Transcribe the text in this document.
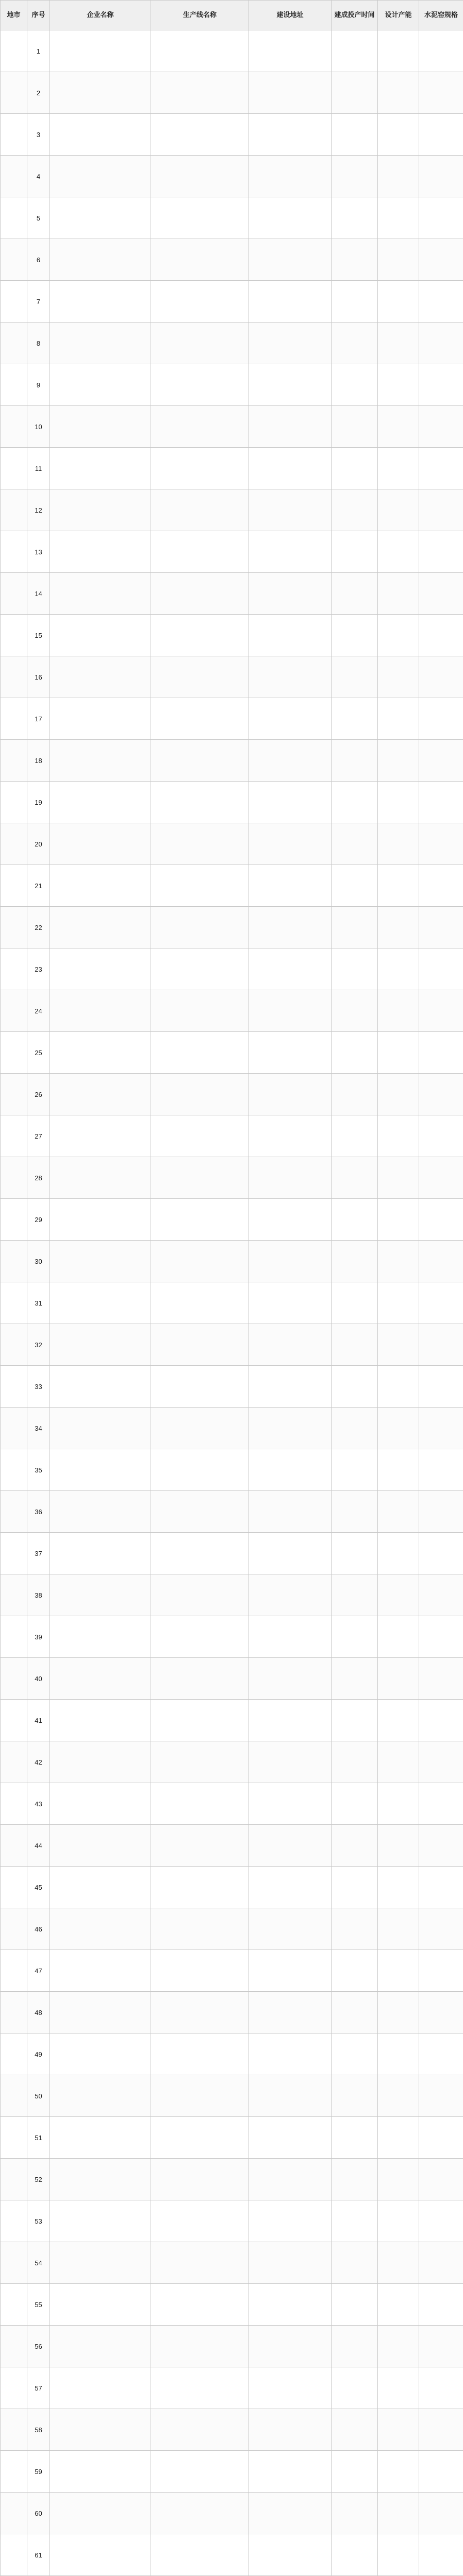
地市	序号	企业名称	生产线名称	建设地址	建成投产时间	设计产能	水泥窑规格
	1						
	2						
	3						
	4						
	5						
	6						
	7						
	8						
	9						
	10						
	11						
	12						
	13						
	14						
	15						
	16						
	17						
	18						
	19						
	20						
	21						
	22						
	23						
	24						
	25						
	26						
	27						
	28						
	29						
	30						
	31						
	32						
	33						
	34						
	35						
	36						
	37						
	38						
	39						
	40						
	41						
	42						
	43						
	44						
	45						
	46						
	47						
	48						
	49						
	50						
	51						
	52						
	53						
	54						
	55						
	56						
	57						
	58						
	59						
	60						
	61						
